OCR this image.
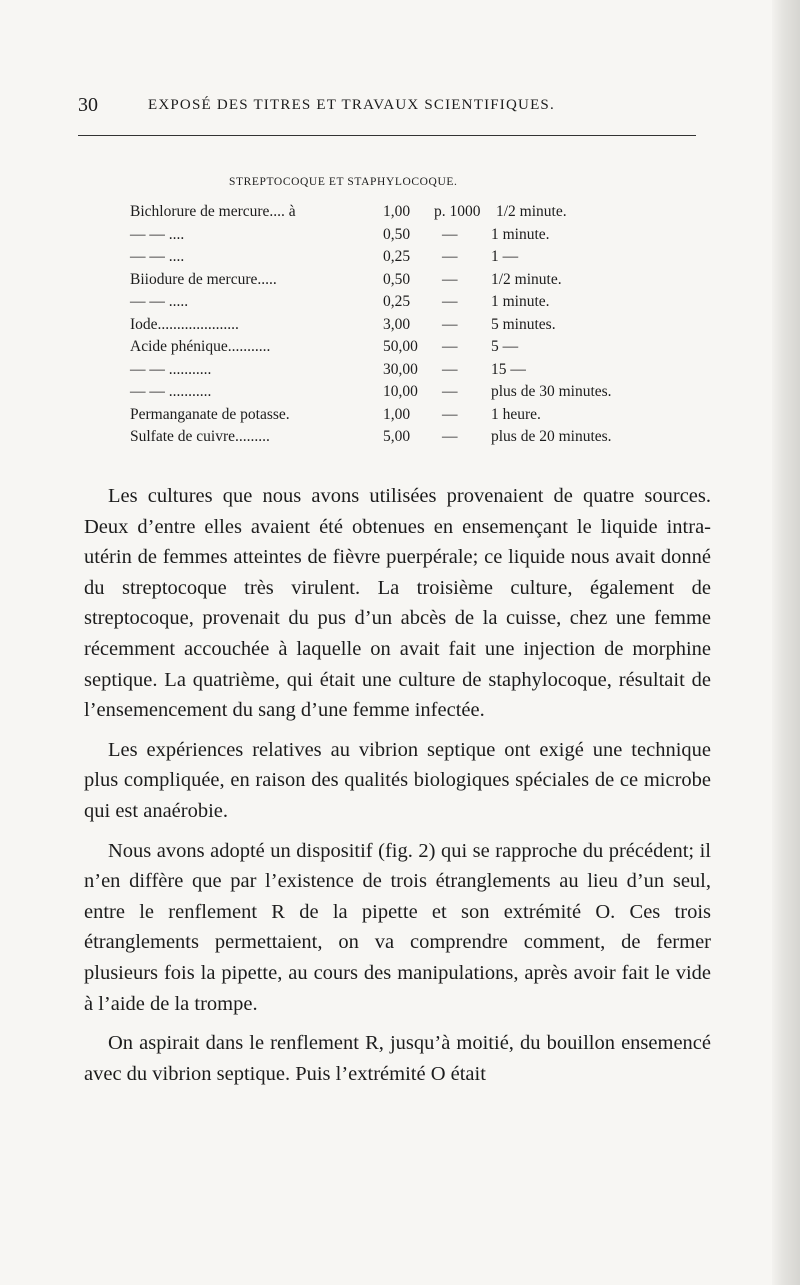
30	EXPOSÉ DES TITRES ET TRAVAUX SCIENTIFIQUES.
STREPTOCOQUE ET STAPHYLOCOQUE.
Bichlorure de mercure.... à	1,00 p. 1000 1/2 minute.
— — ....	0,50 — 1 minute.
— — ....	0,25 — 1 —
Biiodure de mercure.....	0,50 — 1/2 minute.
— — .....	0,25 — 1 minute.
Iode.....................	3,00 — 5 minutes.
Acide phénique...........	50,00 — 5 —
— — ...........	30,00 — 15 —
— — ...........	10,00 — plus de 30 minutes.
Permanganate de potasse.	1,00 — 1 heure.
Sulfate de cuivre.........	5,00 — plus de 20 minutes.

Les cultures que nous avons utilisées provenaient de quatre sources. Deux d’entre elles avaient été obtenues en ensemençant le liquide intra-utérin de femmes atteintes de fièvre puerpérale; ce liquide nous avait donné du streptocoque très virulent. La troisième culture, également de streptocoque, provenait du pus d’un abcès de la cuisse, chez une femme récemment accouchée à laquelle on avait fait une injection de morphine septique. La quatrième, qui était une culture de staphylocoque, résultait de l’ensemencement du sang d’une femme infectée.

Les expériences relatives au vibrion septique ont exigé une technique plus compliquée, en raison des qualités biologiques spéciales de ce microbe qui est anaérobie.

Nous avons adopté un dispositif (fig. 2) qui se rapproche du précédent; il n’en diffère que par l’existence de trois étranglements au lieu d’un seul, entre le renflement R de la pipette et son extrémité O. Ces trois étranglements permettaient, on va comprendre comment, de fermer plusieurs fois la pipette, au cours des manipulations, après avoir fait le vide à l’aide de la trompe.

On aspirait dans le renflement R, jusqu’à moitié, du bouillon ensemencé avec du vibrion septique. Puis l’extrémité O était
